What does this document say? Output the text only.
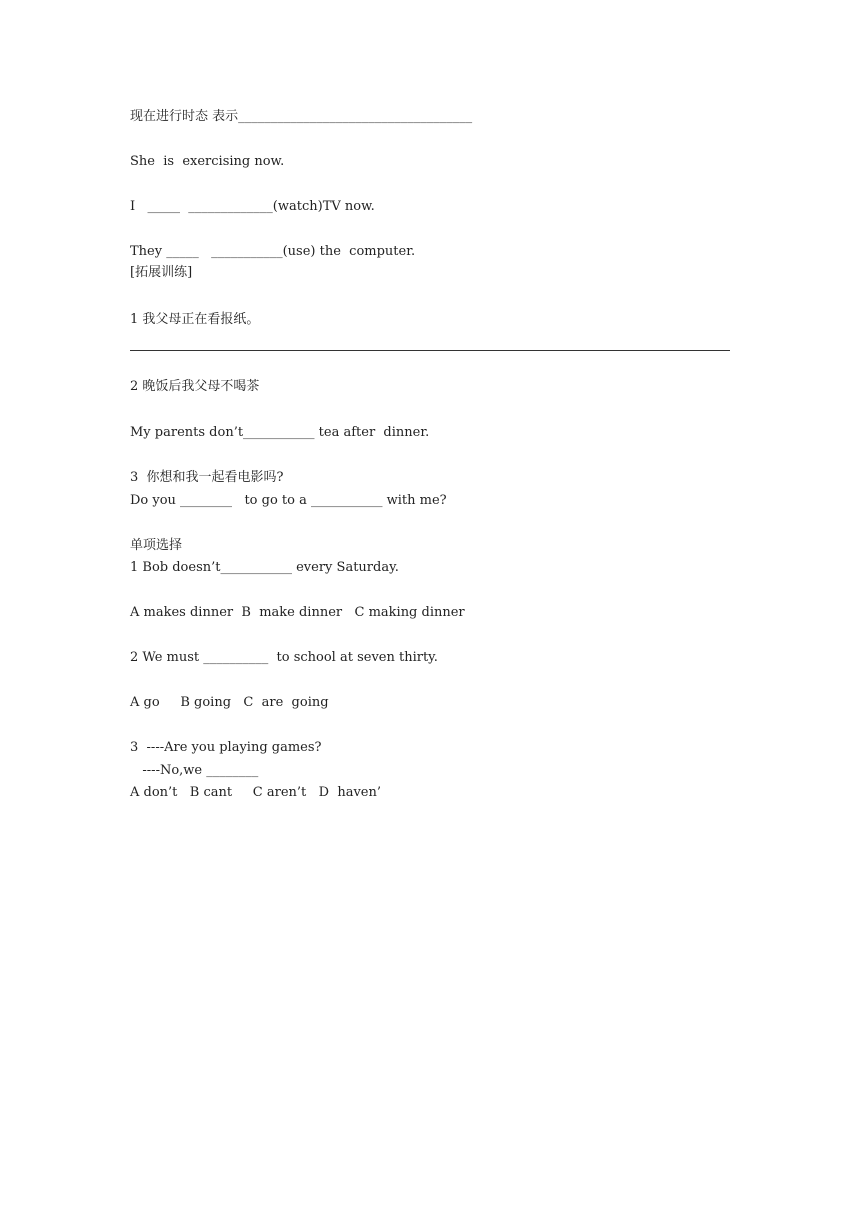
现在进行时态 表示____________________________________
She  is  exercising now.
I   _____  _____________(watch)TV now.
They _____   ___________(use) the  computer.
[拓展训练]
1 我父母正在看报纸。
2 晚饭后我父母不喝茶
My parents don’t___________ tea after  dinner.
3  你想和我一起看电影吗?
Do you ________   to go to a ___________ with me?
单项选择
1 Bob doesn’t___________ every Saturday.
A makes dinner  B  make dinner   C making dinner
2 We must __________  to school at seven thirty.
A go     B going   C  are  going
3  ----Are you playing games?
----No,we ________
A don’t   B cant     C aren’t   D  haven’
